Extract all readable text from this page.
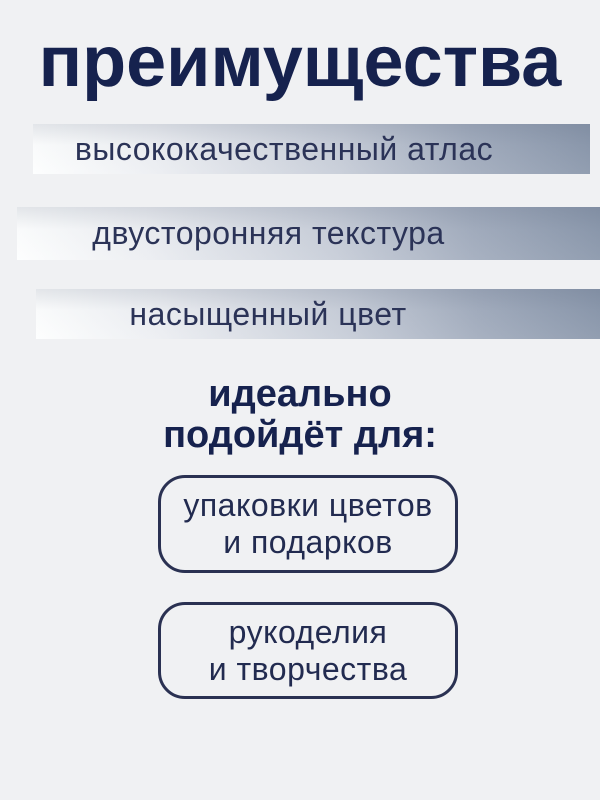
преимущества
высококачественный атлас
двусторонняя текстура
насыщенный цвет
идеально
подойдёт для:
упаковки цветов
и подарков
рукоделия
и творчества
